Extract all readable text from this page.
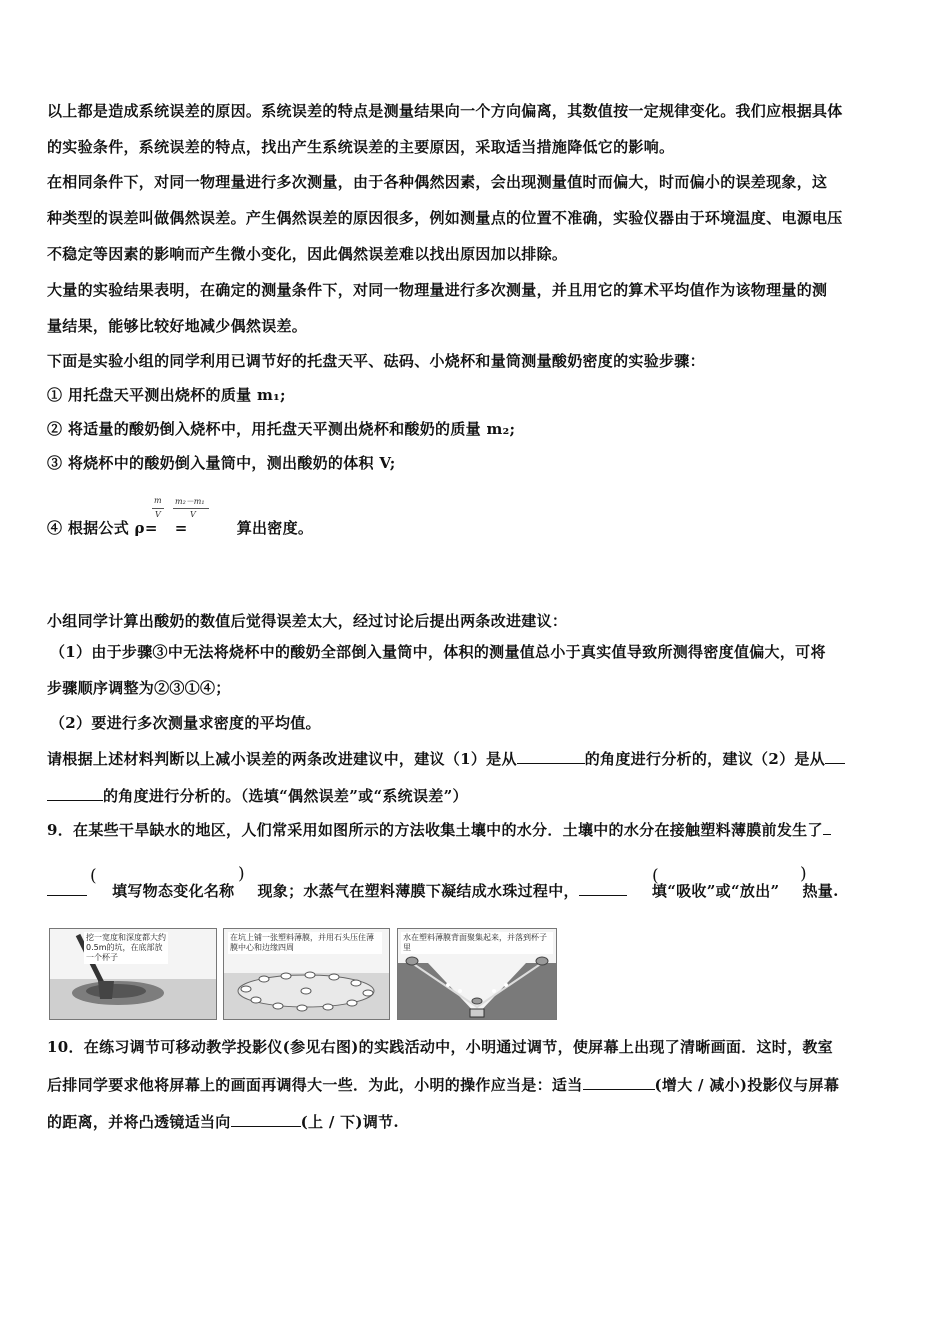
以上都是造成系统误差的原因。系统误差的特点是测量结果向一个方向偏离，其数值按一定规律变化。我们应根据具体
的实验条件，系统误差的特点，找出产生系统误差的主要原因，采取适当措施降低它的影响。
在相同条件下，对同一物理量进行多次测量，由于各种偶然因素，会出现测量值时而偏大，时而偏小的误差现象，这
种类型的误差叫做偶然误差。产生偶然误差的原因很多，例如测量点的位置不准确，实验仪器由于环境温度、电源电压
不稳定等因素的影响而产生微小变化，因此偶然误差难以找出原因加以排除。
大量的实验结果表明，在确定的测量条件下，对同一物理量进行多次测量，并且用它的算术平均值作为该物理量的测
量结果，能够比较好地减少偶然误差。
下面是实验小组的同学利用已调节好的托盘天平、砝码、小烧杯和量筒测量酸奶密度的实验步骤：
① 用托盘天平测出烧杯的质量 m₁;
② 将适量的酸奶倒入烧杯中，用托盘天平测出烧杯和酸奶的质量 m₂;
③ 将烧杯中的酸奶倒入量筒中，测出酸奶的体积 V;
④ 根据公式 ρ= =	算出密度。
m
V
m₂－m₁
V
小组同学计算出酸奶的数值后觉得误差太大，经过讨论后提出两条改进建议：
（1）由于步骤③中无法将烧杯中的酸奶全部倒入量筒中，体积的测量值总小于真实值导致所测得密度值偏大，可将
步骤顺序调整为②③①④；
（2）要进行多次测量求密度的平均值。
请根据上述材料判断以上减小误差的两条改进建议中，建议（1）是从	的角度进行分析的，建议（2）是从
的角度进行分析的。（选填“偶然误差”或“系统误差”）
9．在某些干旱缺水的地区，人们常采用如图所示的方法收集土壤中的水分．土壤中的水分在接触塑料薄膜前发生了
填写物态变化名称 现象；水蒸气在塑料薄膜下凝结成水珠过程中，	填“吸收”或“放出” 热量.
(	)	(	)
挖一宽度和深度都大约0.5m的坑，在底部放一个杯子
在坑上铺一张塑料薄膜，并用石头压住薄膜中心和边缘四周
水在塑料薄膜背面聚集起来，并落到杯子里
10．在练习调节可移动教学投影仪(参见右图)的实践活动中，小明通过调节，使屏幕上出现了清晰画面．这时，教室
后排同学要求他将屏幕上的画面再调得大一些．为此，小明的操作应当是：适当	(增大 / 减小)投影仪与屏幕
的距离，并将凸透镜适当向	(上 / 下)调节.
